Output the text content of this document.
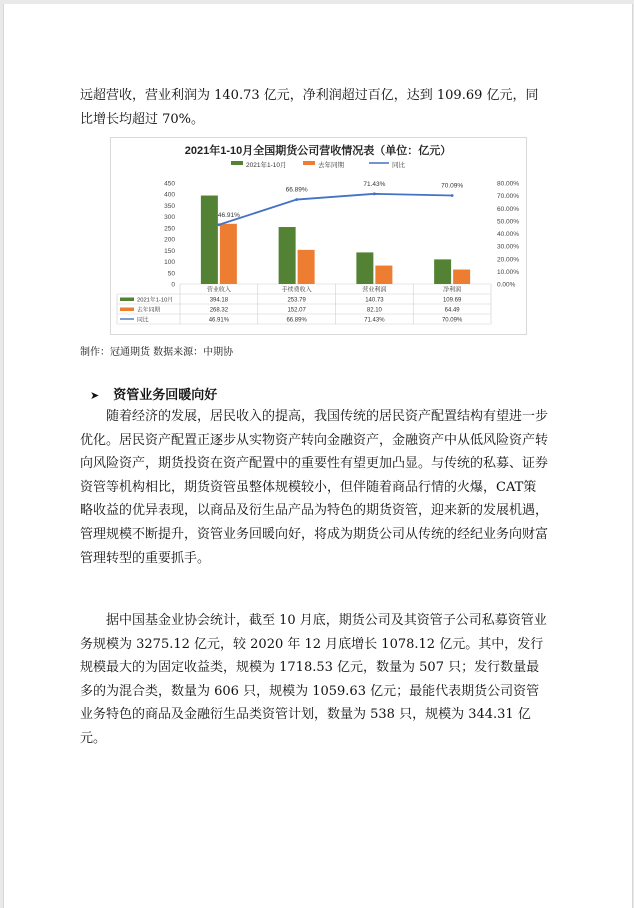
远超营收，营业利润为 140.73 亿元，净利润超过百亿，达到 109.69 亿元，同比增长均超过 70%。

2021年1-10月全国期货公司营收情况表（单位：亿元）
2021年1-10月	去年同期	同比
0
50
100
150
200
250
300
350
400
450
0.00%
10.00%
20.00%
30.00%
40.00%
50.00%
60.00%
70.00%
80.00%
营业收入	手续费收入	营业利润	净利润
46.91%
66.89%
71.43%	70.09%
2021年1-10月	394.18	253.79	140.73	109.69
去年同期	268.32	152.07	82.10	64.49
同比	46.91%	66.89%	71.43%	70.09%
制作：冠通期货 数据来源：中期协
➤ 资管业务回暖向好

随着经济的发展，居民收入的提高，我国传统的居民资产配置结构有望进一步优化。居民资产配置正逐步从实物资产转向金融资产，金融资产中从低风险资产转向风险资产，期货投资在资产配置中的重要性有望更加凸显。与传统的私募、证券资管等机构相比，期货资管虽整体规模较小，但伴随着商品行情的火爆，CAT策略收益的优异表现，以商品及衍生品产品为特色的期货资管，迎来新的发展机遇，管理规模不断提升，资管业务回暖向好，将成为期货公司从传统的经纪业务向财富管理转型的重要抓手。

据中国基金业协会统计，截至 10 月底，期货公司及其资管子公司私募资管业务规模为 3275.12 亿元，较 2020 年 12 月底增长 1078.12 亿元。其中，发行规模最大的为固定收益类，规模为 1718.53 亿元，数量为 507 只；发行数量最多的为混合类，数量为 606 只，规模为 1059.63 亿元；最能代表期货公司资管业务特色的商品及金融衍生品类资管计划，数量为 538 只，规模为 344.31 亿元。
